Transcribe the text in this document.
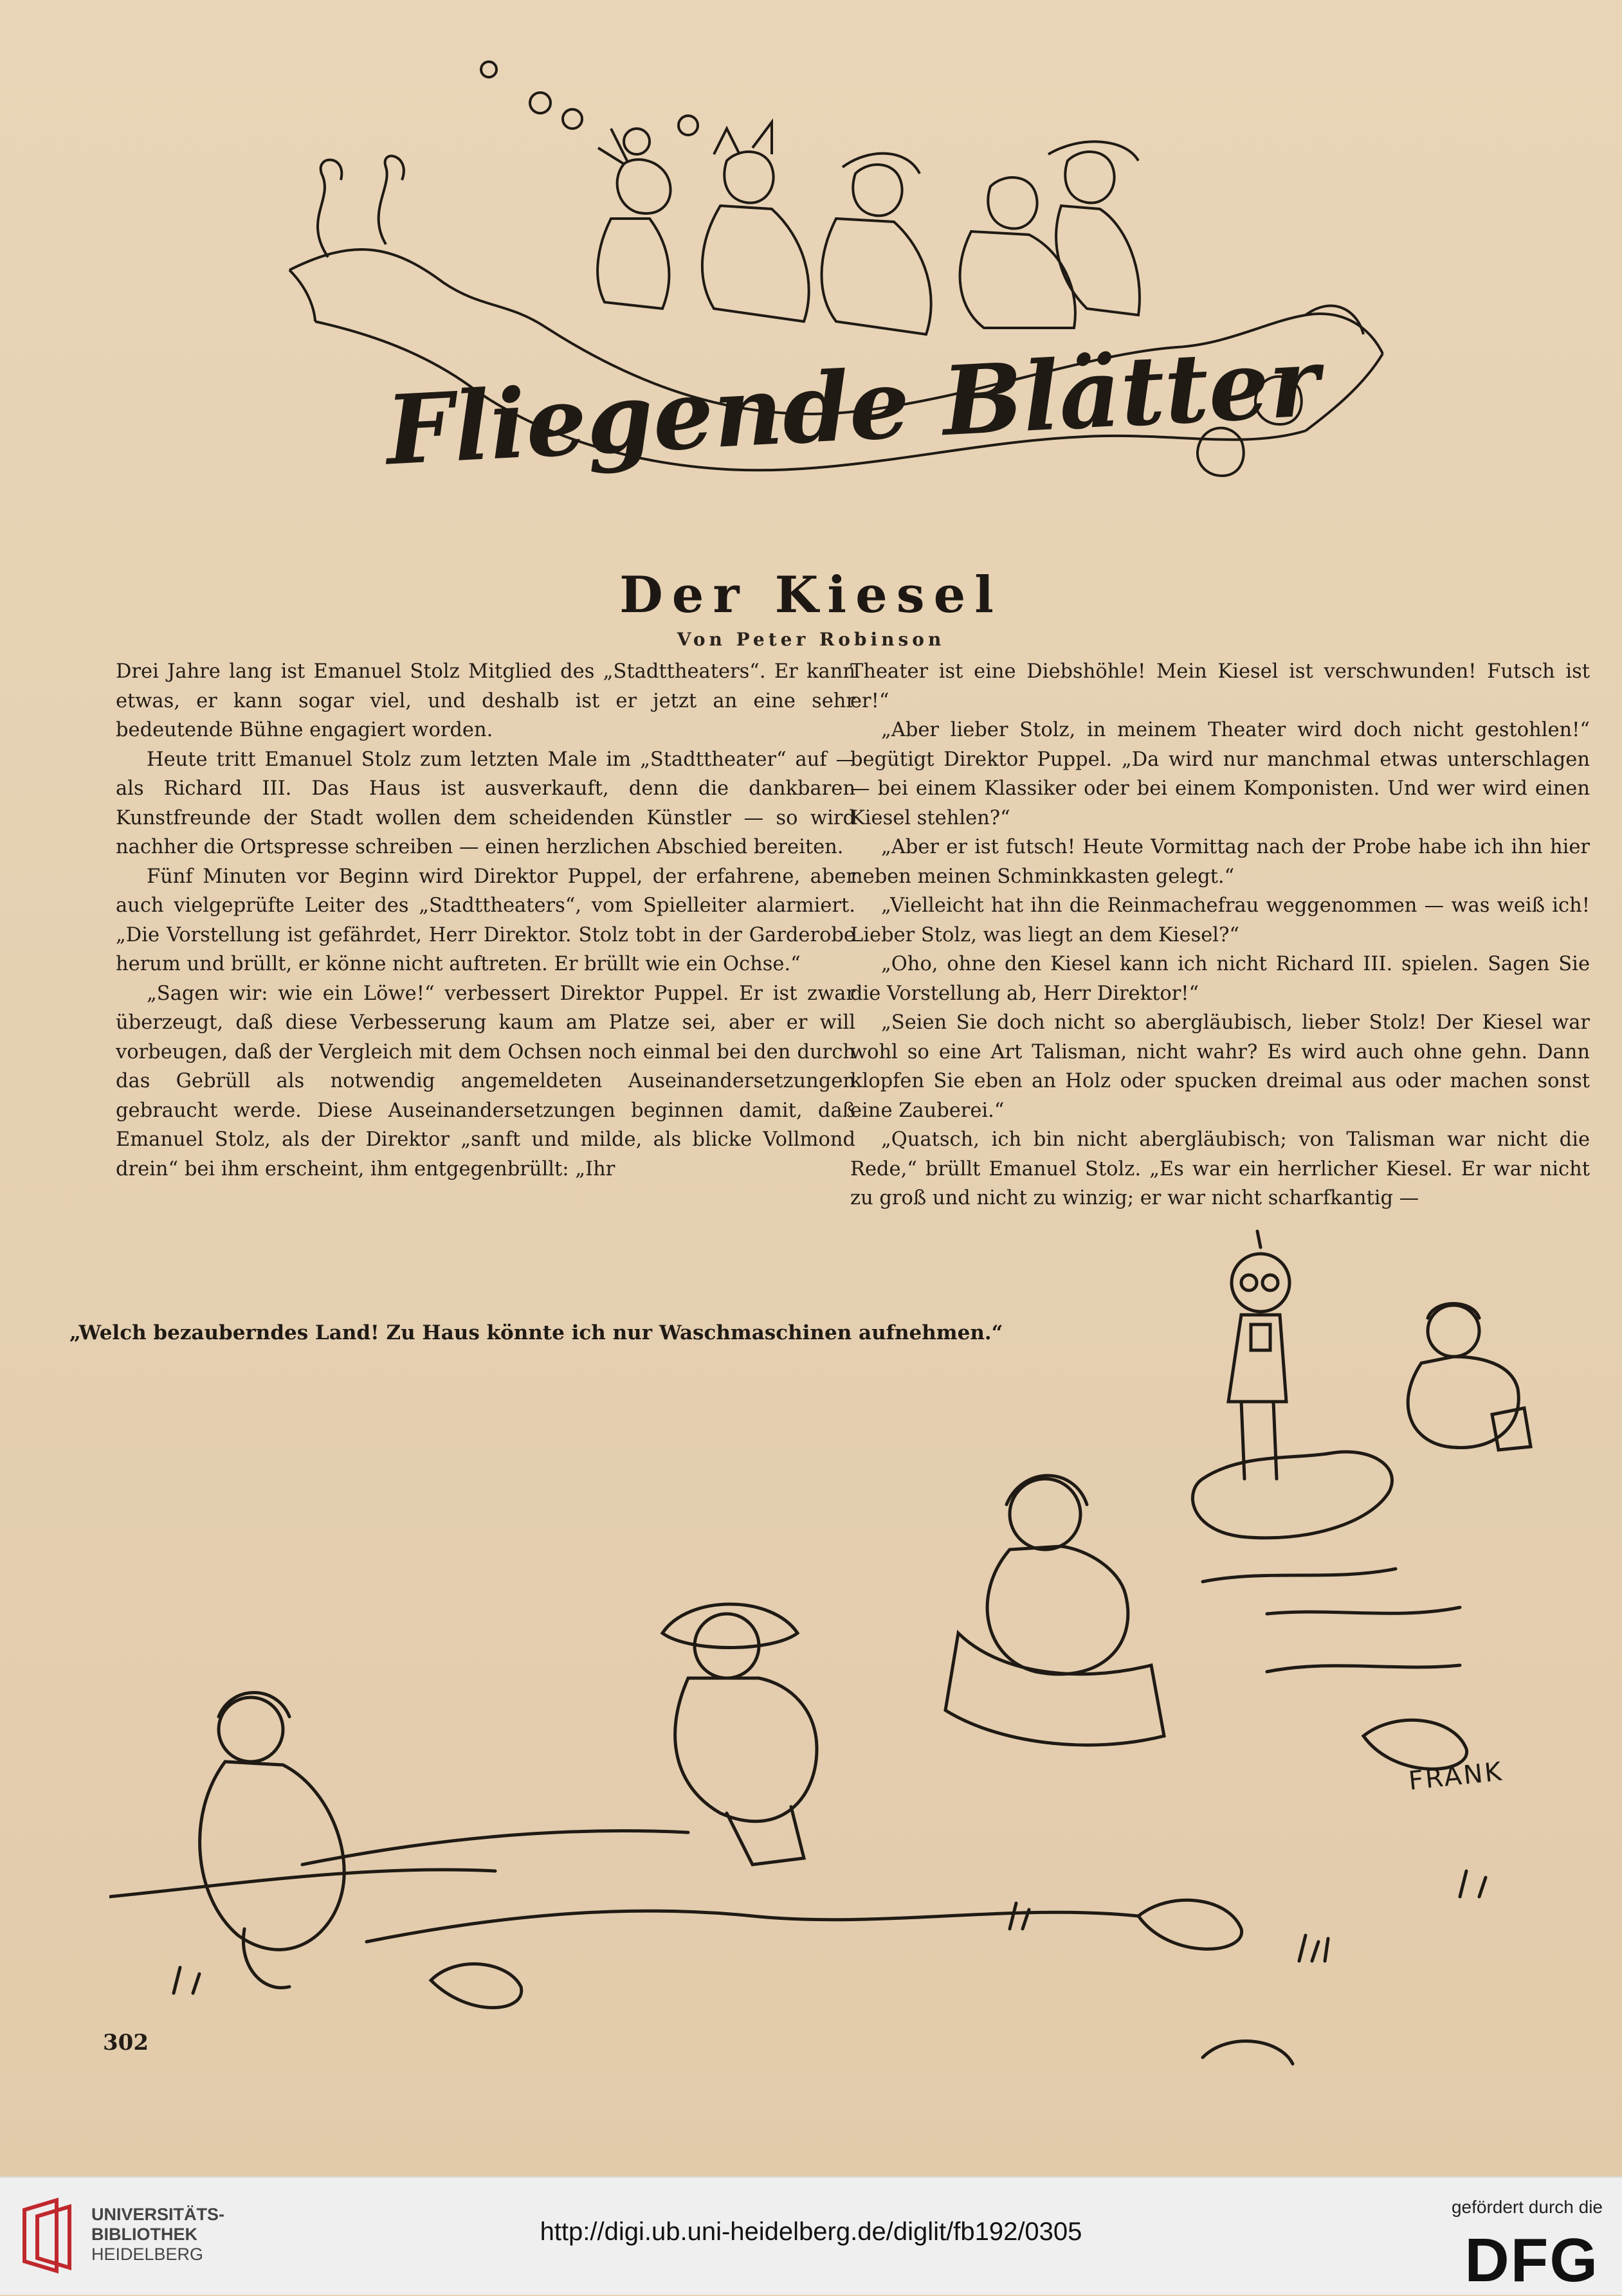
Fliegende Blätter
Der Kiesel
Von Peter Robinson

Drei Jahre lang ist Emanuel Stolz Mitglied des „Stadttheaters“. Er kann etwas, er kann sogar viel, und deshalb ist er jetzt an eine sehr bedeutende Bühne engagiert worden.

Heute tritt Emanuel Stolz zum letzten Male im „Stadttheater“ auf — als Richard III. Das Haus ist ausverkauft, denn die dankbaren Kunstfreunde der Stadt wollen dem scheidenden Künstler — so wird nachher die Ortspresse schreiben — einen herzlichen Abschied bereiten.

Fünf Minuten vor Beginn wird Direktor Puppel, der erfahrene, aber auch vielgeprüfte Leiter des „Stadttheaters“, vom Spielleiter alarmiert. „Die Vorstellung ist gefährdet, Herr Direktor. Stolz tobt in der Garderobe herum und brüllt, er könne nicht auftreten. Er brüllt wie ein Ochse.“

„Sagen wir: wie ein Löwe!“ verbessert Direktor Puppel. Er ist zwar überzeugt, daß diese Verbesserung kaum am Platze sei, aber er will vorbeugen, daß der Vergleich mit dem Ochsen noch einmal bei den durch das Gebrüll als notwendig angemeldeten Auseinandersetzungen gebraucht werde. Diese Auseinandersetzungen beginnen damit, daß Emanuel Stolz, als der Direktor „sanft und milde, als blicke Vollmond drein“ bei ihm erscheint, ihm entgegenbrüllt: „Ihr

Theater ist eine Diebshöhle! Mein Kiesel ist verschwunden! Futsch ist er!“

„Aber lieber Stolz, in meinem Theater wird doch nicht gestohlen!“ begütigt Direktor Puppel. „Da wird nur manchmal etwas unterschlagen — bei einem Klassiker oder bei einem Komponisten. Und wer wird einen Kiesel stehlen?“

„Aber er ist futsch! Heute Vormittag nach der Probe habe ich ihn hier neben meinen Schminkkasten gelegt.“

„Vielleicht hat ihn die Reinmachefrau weggenommen — was weiß ich! Lieber Stolz, was liegt an dem Kiesel?“

„Oho, ohne den Kiesel kann ich nicht Richard III. spielen. Sagen Sie die Vorstellung ab, Herr Direktor!“

„Seien Sie doch nicht so abergläubisch, lieber Stolz! Der Kiesel war wohl so eine Art Talisman, nicht wahr? Es wird auch ohne gehn. Dann klopfen Sie eben an Holz oder spucken dreimal aus oder machen sonst eine Zauberei.“

„Quatsch, ich bin nicht abergläubisch; von Talisman war nicht die Rede,“ brüllt Emanuel Stolz. „Es war ein herrlicher Kiesel. Er war nicht zu groß und nicht zu winzig; er war nicht scharfkantig —

„Welch bezauberndes Land! Zu Haus könnte ich nur Waschmaschinen aufnehmen.“
FRANK
302
UNIVERSITÄTS-
BIBLIOTHEK
HEIDELBERG
http://digi.ub.uni-heidelberg.de/diglit/fb192/0305
gefördert durch die
DFG
